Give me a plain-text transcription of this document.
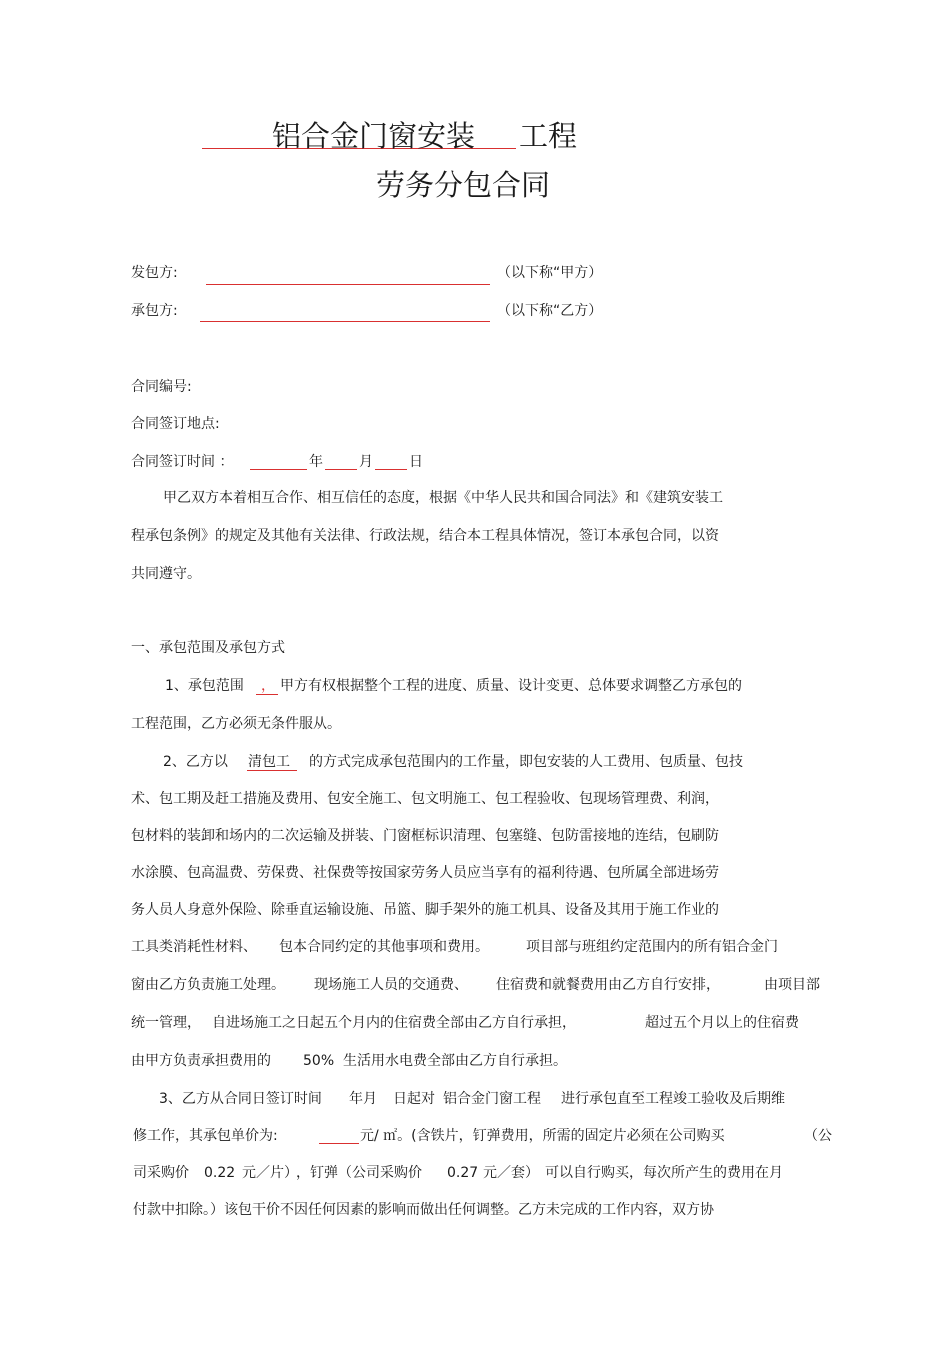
铝合金门窗安装 工程
劳务分包合同
发包方:	（以下称“甲方）
承包方:	（以下称“乙方）
合同编号:
合同签订地点:
合同签订时间 ：	年	月	日
甲乙双方本着相互合作、相互信任的态度，根据《中华人民共和国合同法》和《建筑安装工
程承包条例》的规定及其他有关法律、行政法规，结合本工程具体情况，签订本承包合同，以资
共同遵守。
一、承包范围及承包方式
1、承包范围 ， 甲方有权根据整个工程的进度、质量、设计变更、总体要求调整乙方承包的
工程范围，乙方必须无条件服从。
2、乙方以 清包工 的方式完成承包范围内的工作量，即包安装的人工费用、包质量、包技
术、包工期及赶工措施及费用、包安全施工、包文明施工、包工程验收、包现场管理费、利润，
包材料的装卸和场内的二次运输及拼装、门窗框标识清理、包塞缝、包防雷接地的连结，包刷防
水涂膜、包高温费、劳保费、社保费等按国家劳务人员应当享有的福利待遇、包所属全部进场劳
务人员人身意外保险、除垂直运输设施、吊篮、脚手架外的施工机具、设备及其用于施工作业的
工具类消耗性材料、 包本合同约定的其他事项和费用。	项目部与班组约定范围内的所有铝合金门
窗由乙方负责施工处理。 现场施工人员的交通费、 住宿费和就餐费用由乙方自行安排，	由项目部
统一管理， 自进场施工之日起五个月内的住宿费全部由乙方自行承担，	超过五个月以上的住宿费
由甲方负责承担费用的 50% 生活用水电费全部由乙方自行承担。
3、乙方从合同日签订时间 年月 日起对 铝合金门窗工程 进行承包直至工程竣工验收及后期维
修工作，其承包单价为:	元/ ㎡。(含铁片，钉弹费用，所需的固定片必须在公司购买	（公
司采购价 0.22 元／片）
，钉弹（公司采购价 0.27 元／套） 可以自行购买，每次所产生的费用在月
付款中扣除。）该包干价不因任何因素的影响而做出任何调整。乙方未完成的工作内容，双方协
